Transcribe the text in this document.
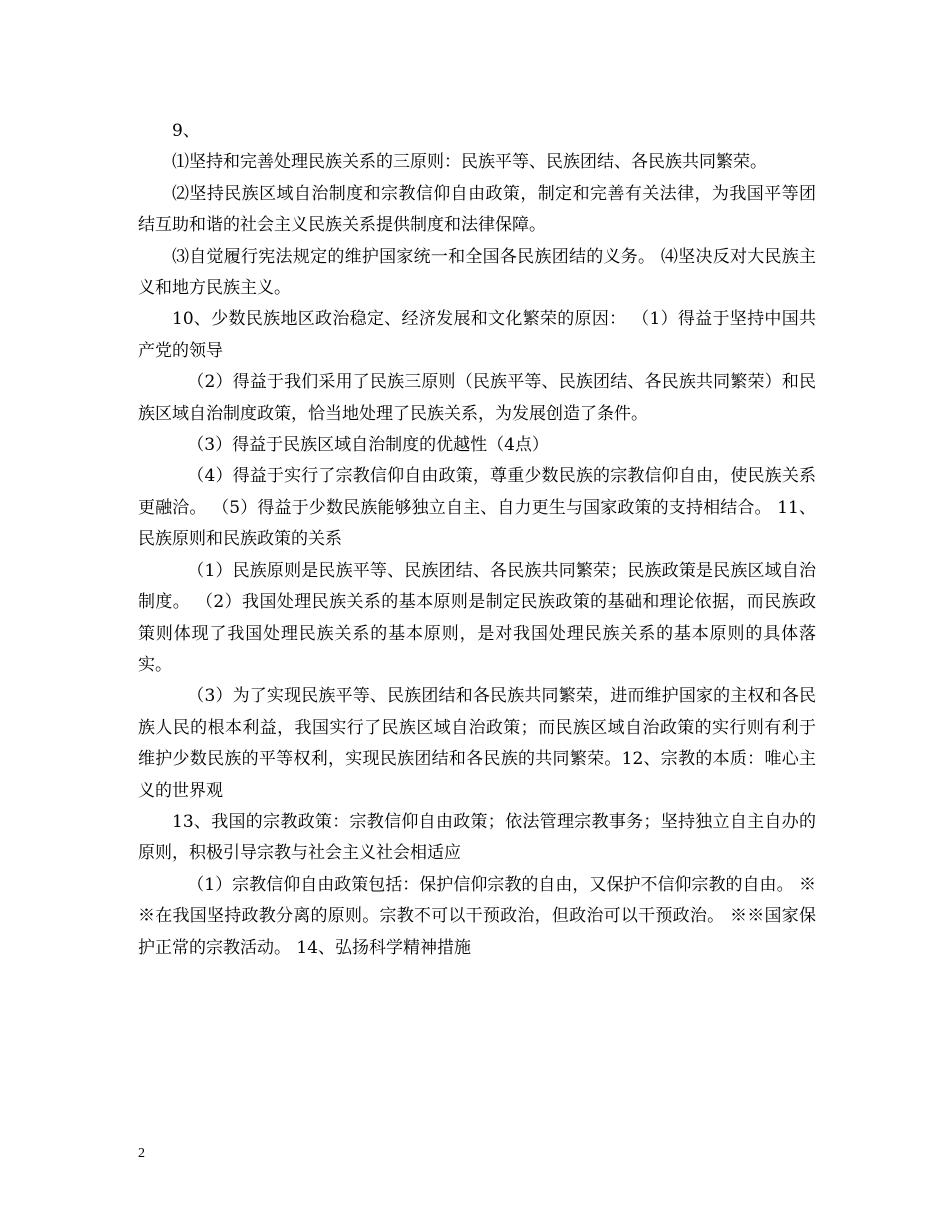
9、

⑴坚持和完善处理民族关系的三原则：民族平等、民族团结、各民族共同繁荣。

⑵坚持民族区域自治制度和宗教信仰自由政策，制定和完善有关法律，为我国平等团结互助和谐的社会主义民族关系提供制度和法律保障。

⑶自觉履行宪法规定的维护国家统一和全国各民族团结的义务。 ⑷坚决反对大民族主义和地方民族主义。

10、少数民族地区政治稳定、经济发展和文化繁荣的原因： （1）得益于坚持中国共产党的领导

（2）得益于我们采用了民族三原则（民族平等、民族团结、各民族共同繁荣）和民族区域自治制度政策，恰当地处理了民族关系，为发展创造了条件。

（3）得益于民族区域自治制度的优越性（4点）

（4）得益于实行了宗教信仰自由政策，尊重少数民族的宗教信仰自由，使民族关系更融洽。 （5）得益于少数民族能够独立自主、自力更生与国家政策的支持相结合。 11、民族原则和民族政策的关系

（1）民族原则是民族平等、民族团结、各民族共同繁荣；民族政策是民族区域自治制度。 （2）我国处理民族关系的基本原则是制定民族政策的基础和理论依据，而民族政策则体现了我国处理民族关系的基本原则，是对我国处理民族关系的基本原则的具体落实。

（3）为了实现民族平等、民族团结和各民族共同繁荣，进而维护国家的主权和各民族人民的根本利益，我国实行了民族区域自治政策；而民族区域自治政策的实行则有利于维护少数民族的平等权利，实现民族团结和各民族的共同繁荣。12、宗教的本质：唯心主义的世界观

13、我国的宗教政策：宗教信仰自由政策；依法管理宗教事务；坚持独立自主自办的原则，积极引导宗教与社会主义社会相适应

（1）宗教信仰自由政策包括：保护信仰宗教的自由，又保护不信仰宗教的自由。 ※※在我国坚持政教分离的原则。宗教不可以干预政治，但政治可以干预政治。 ※※国家保护正常的宗教活动。 14、弘扬科学精神措施

2
